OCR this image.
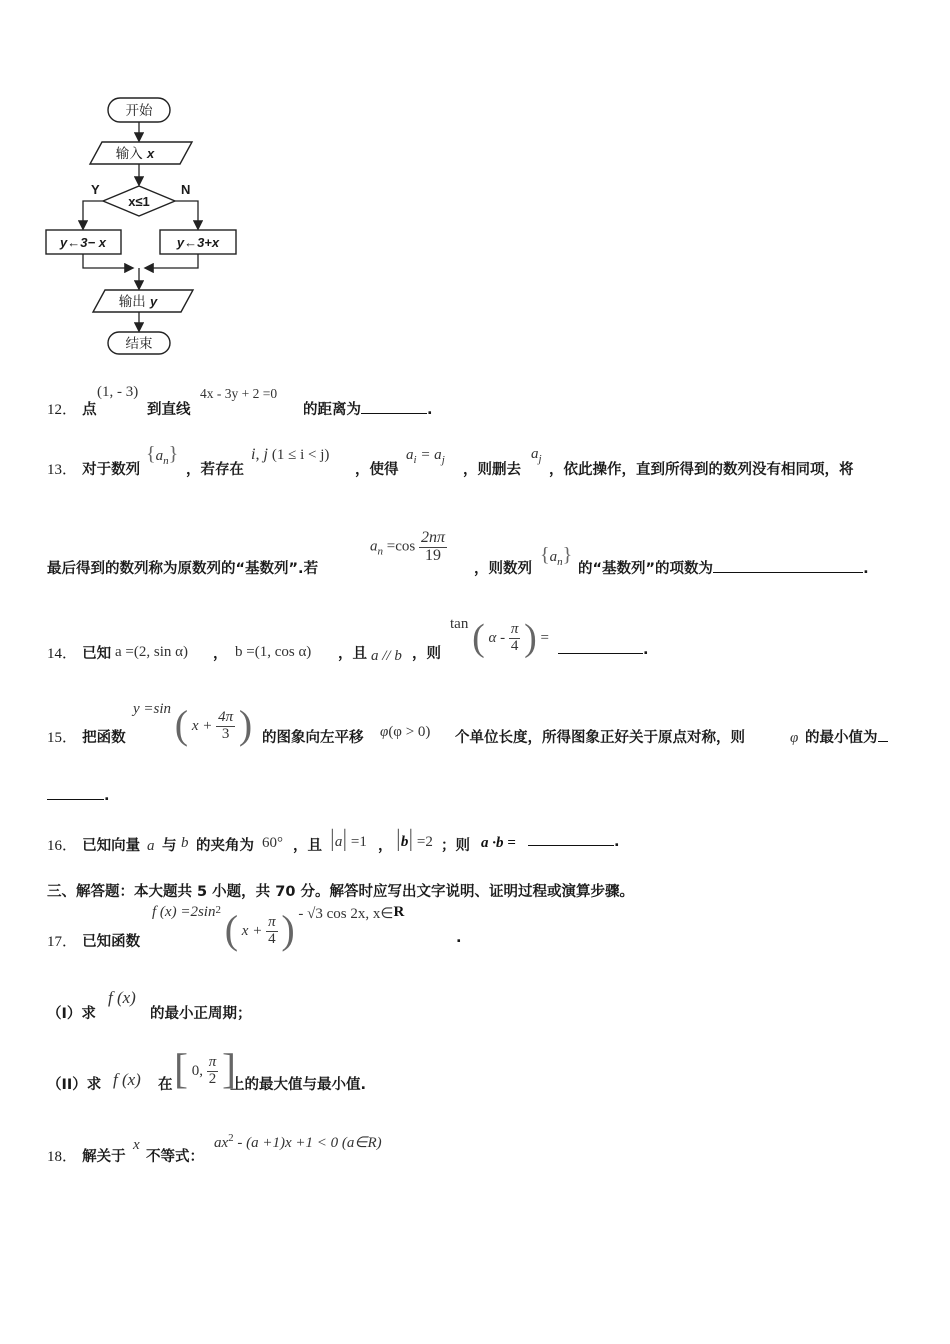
开始
输入 x
x≤1
Y	N
y←3− x	y←3+x
输出 y
结束
12． 点
(1, - 3)
到直线
4x - 3y + 2 =0
的距离为	.
13． 对于数列
$\{a_n\}$
，若存在
i, j (1 ≤ i < j)
，使得
$a_i = a_j$
，则删去
$a_j$
，依此操作，直到所得到的数列没有相同项，将
最后得到的数列称为原数列的“基数列”.若
$a_n =\cos \frac{2n\pi}{19}$
，则数列
$\{a_n\}$
的“基数列”的项数为	.
14． 已知 a =(2, sin α) ， b =(1, cos α) ，且 a // b ，则
tan ( α - $\frac{\pi}{4}$ ) =
.
15． 把函数
y =sin ( $x + \frac{4\pi}{3}$ ) 的图象向左平移 φ(φ > 0) 个单位长度，所得图象正好关于原点对称，则	φ 的最小值为
.
16． 已知向量 a 与 b 的夹角为 60° ，且 |a| =1 ， |b| =2 ；则 a ·b =	.
三、解答题：本大题共 5 小题，共 70 分。解答时应写出文字说明、证明过程或演算步骤。
17． 已知函数
f $(x) =2\sin^2$ ( $x + \frac{\pi}{4}$ ) - √3 cos 2x, x∈R
.
（I）求
f (x)
的最小正周期；
（II）求 f (x) 在 [ 0, $\frac{\pi}{2}$ ]
上的最大值与最小值.
18． 解关于
x
不等式：
$ax^2 - (a +1)x +1 < 0$ (a∈R)
